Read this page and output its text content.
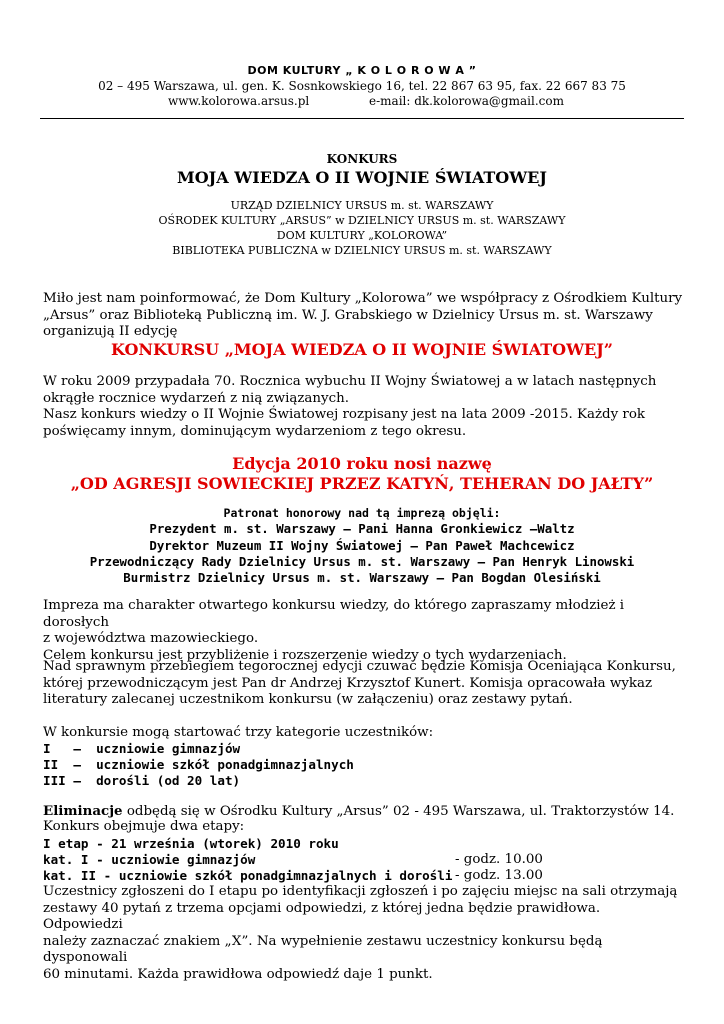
DOM KULTURY „ K O L O R O W A ”
02 – 495 Warszawa, ul. gen. K. Sosnkowskiego 16, tel. 22 867 63 95, fax. 22 667 83 75
www.kolorowa.arsus.pl	e-mail: dk.kolorowa@gmail.com
KONKURS
MOJA WIEDZA O II WOJNIE ŚWIATOWEJ
URZĄD DZIELNICY URSUS m. st. WARSZAWY
OŚRODEK KULTURY „ARSUS” w DZIELNICY URSUS m. st. WARSZAWY
DOM KULTURY „KOLOROWA”
BIBLIOTEKA PUBLICZNA w DZIELNICY URSUS m. st. WARSZAWY
Miło jest nam poinformować, że Dom Kultury „Kolorowa” we współpracy z Ośrodkiem Kultury
„Arsus” oraz Biblioteką Publiczną im. W. J. Grabskiego w Dzielnicy Ursus m. st. Warszawy
organizują II edycję
KONKURSU „MOJA WIEDZA O II WOJNIE ŚWIATOWEJ”
W roku 2009 przypadała 70. Rocznica wybuchu II Wojny Światowej a w latach następnych
okrągłe rocznice wydarzeń z nią związanych.
Nasz konkurs wiedzy o II Wojnie Światowej rozpisany jest na lata 2009 -2015. Każdy rok
poświęcamy innym, dominującym wydarzeniom z tego okresu.
Edycja 2010 roku nosi nazwę
„OD AGRESJI SOWIECKIEJ PRZEZ KATYŃ, TEHERAN DO JAŁTY”
Patronat honorowy nad tą imprezą objęli:
Prezydent m. st. Warszawy – Pani Hanna Gronkiewicz –Waltz
Dyrektor Muzeum II Wojny Światowej – Pan Paweł Machcewicz
Przewodniczący Rady Dzielnicy Ursus m. st. Warszawy – Pan Henryk Linowski
Burmistrz Dzielnicy Ursus m. st. Warszawy – Pan Bogdan Olesiński
Impreza ma charakter otwartego konkursu wiedzy, do którego zapraszamy młodzież i dorosłych
z województwa mazowieckiego.
Celem konkursu jest przybliżenie i rozszerzenie wiedzy o tych wydarzeniach.
Nad sprawnym przebiegiem tegorocznej edycji czuwać będzie Komisja Oceniająca Konkursu,
której przewodniczącym jest Pan dr Andrzej Krzysztof Kunert. Komisja opracowała wykaz
literatury zalecanej uczestnikom konkursu (w załączeniu) oraz zestawy pytań.
W konkursie mogą startować trzy kategorie uczestników:
I   –  uczniowie gimnazjów
II  –  uczniowie szkół ponadgimnazjalnych
III –  dorośli (od 20 lat)
Eliminacje odbędą się w Ośrodku Kultury „Arsus” 02 - 495 Warszawa, ul. Traktorzystów 14.
Konkurs obejmuje dwa etapy:
I etap - 21 września (wtorek) 2010 roku
kat. I - uczniowie gimnazjów	- godz. 10.00
kat. II - uczniowie szkół ponadgimnazjalnych i dorośli - godz. 13.00
Uczestnicy zgłoszeni do I etapu po identyfikacji zgłoszeń i po zajęciu miejsc na sali otrzymają
zestawy 40 pytań z trzema opcjami odpowiedzi, z której jedna będzie prawidłowa. Odpowiedzi
należy zaznaczać znakiem „X”. Na wypełnienie zestawu uczestnicy konkursu będą dysponowali
60 minutami. Każda prawidłowa odpowiedź daje 1 punkt.
